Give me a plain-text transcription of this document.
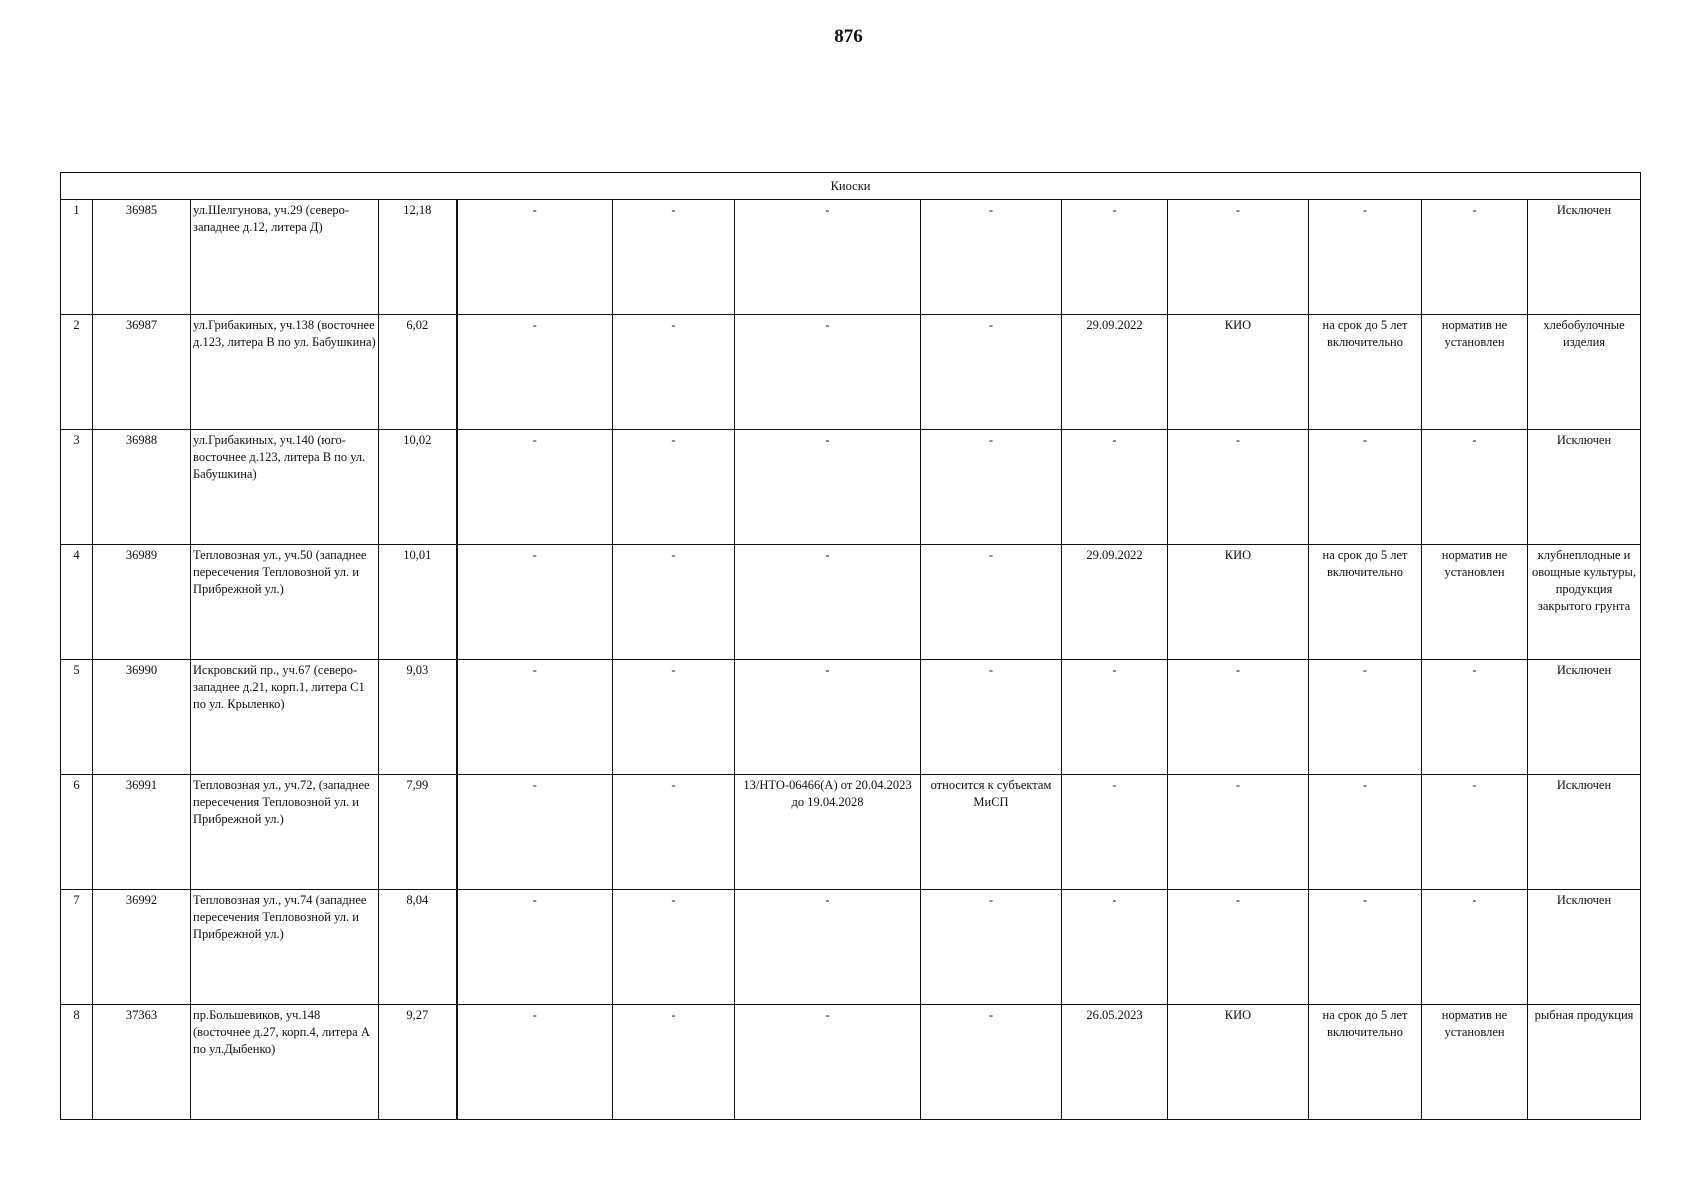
876
Киоски												
1	36985	ул.Шелгунова, уч.29 (северо-западнее д.12, литера Д)	12,18	-	-	-	-	-	-	-	-	Исключен
2	36987	ул.Грибакиных, уч.138 (восточнее д.123, литера В по ул. Бабушкина)	6,02	-	-	-	-	29.09.2022	КИО	на срок до 5 лет включительно	норматив не установлен	хлебобулочные изделия
3	36988	ул.Грибакиных, уч.140 (юго-восточнее д.123, литера В по ул. Бабушкина)	10,02	-	-	-	-	-	-	-	-	Исключен
4	36989	Тепловозная ул., уч.50 (западнее пересечения Тепловозной ул. и Прибрежной ул.)	10,01	-	-	-	-	29.09.2022	КИО	на срок до 5 лет включительно	норматив не установлен	клубнеплодные и овощные культуры, продукция закрытого грунта
5	36990	Искровский пр., уч.67 (северо-западнее д.21, корп.1, литера С1 по ул. Крыленко)	9,03	-	-	-	-	-	-	-	-	Исключен
6	36991	Тепловозная ул., уч.72, (западнее пересечения Тепловозной ул. и Прибрежной ул.)	7,99	-	-	13/НТО-06466(А) от 20.04.2023 до 19.04.2028	относится к субъектам МиСП	-	-	-	-	Исключен
7	36992	Тепловозная ул., уч.74 (западнее пересечения Тепловозной ул. и Прибрежной ул.)	8,04	-	-	-	-	-	-	-	-	Исключен
8	37363	пр.Большевиков, уч.148 (восточнее д.27, корп.4, литера А по ул.Дыбенко)	9,27	-	-	-	-	26.05.2023	КИО	на срок до 5 лет включительно	норматив не установлен	рыбная продукция
